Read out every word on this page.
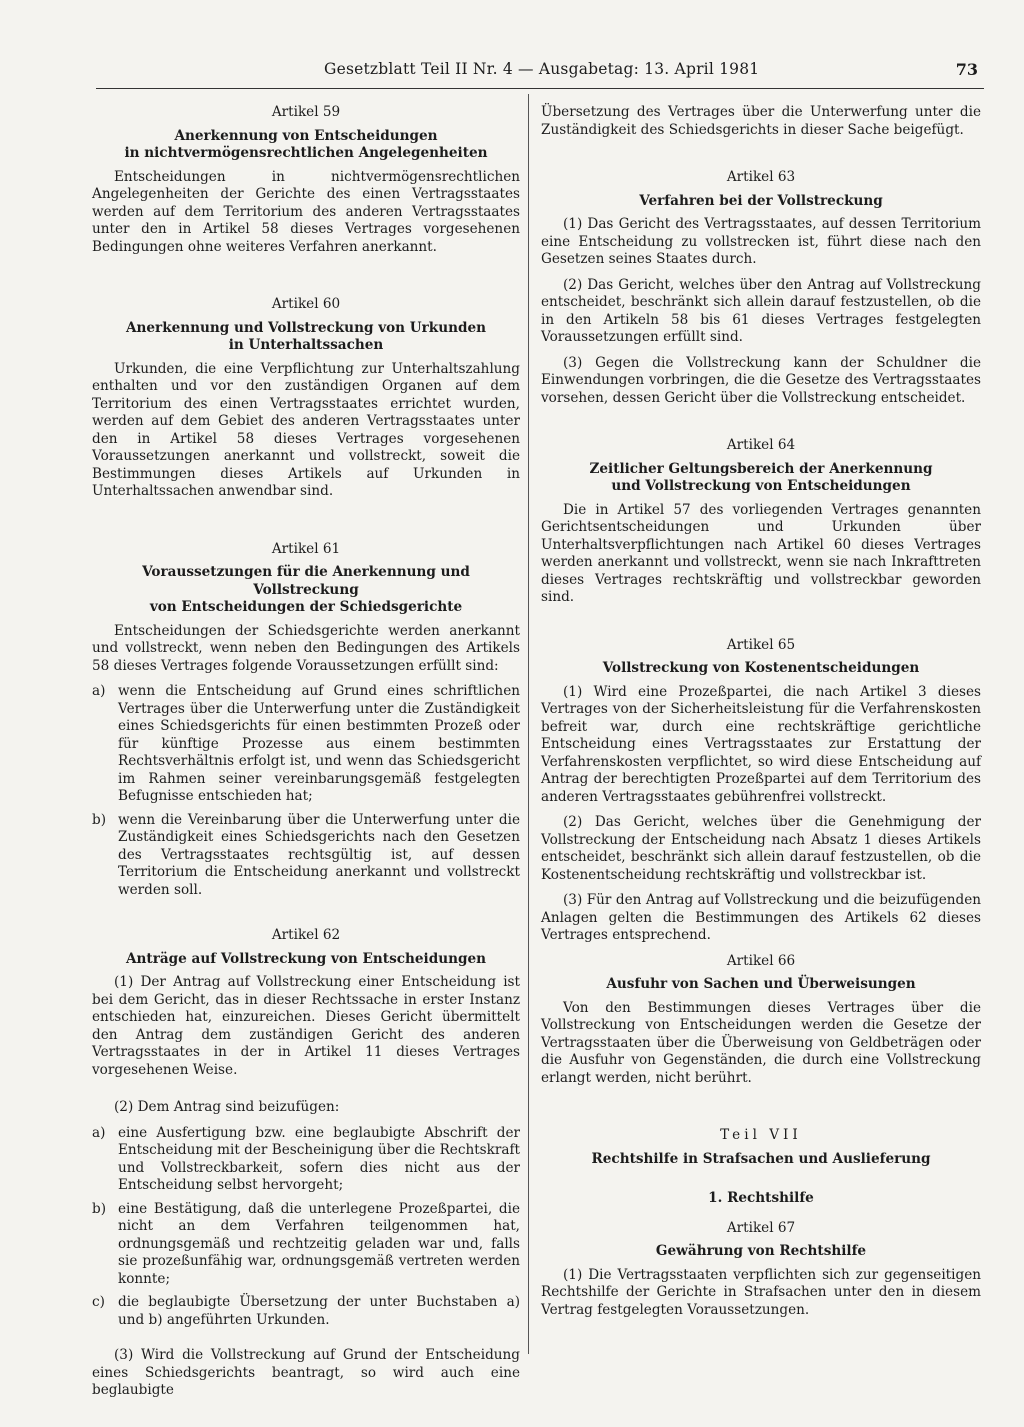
Gesetzblatt Teil II Nr. 4 — Ausgabetag: 13. April 1981	73
Artikel 59
Anerkennung von Entscheidungen
in nichtvermögensrechtlichen Angelegenheiten

Entscheidungen in nichtvermögensrechtlichen Angelegenheiten der Gerichte des einen Vertragsstaates werden auf dem Territorium des anderen Vertragsstaates unter den in Artikel 58 dieses Vertrages vorgesehenen Bedingungen ohne weiteres Verfahren anerkannt.

Artikel 60
Anerkennung und Vollstreckung von Urkunden
in Unterhaltssachen

Urkunden, die eine Verpflichtung zur Unterhaltszahlung enthalten und vor den zuständigen Organen auf dem Territorium des einen Vertragsstaates errichtet wurden, werden auf dem Gebiet des anderen Vertragsstaates unter den in Artikel 58 dieses Vertrages vorgesehenen Voraussetzungen anerkannt und vollstreckt, soweit die Bestimmungen dieses Artikels auf Urkunden in Unterhaltssachen anwendbar sind.

Artikel 61
Voraussetzungen für die Anerkennung und Vollstreckung
von Entscheidungen der Schiedsgerichte

Entscheidungen der Schiedsgerichte werden anerkannt und vollstreckt, wenn neben den Bedingungen des Artikels 58 dieses Vertrages folgende Voraussetzungen erfüllt sind:

a) wenn die Entscheidung auf Grund eines schriftlichen Vertrages über die Unterwerfung unter die Zuständigkeit eines Schiedsgerichts für einen bestimmten Prozeß oder für künftige Prozesse aus einem bestimmten Rechtsverhältnis erfolgt ist, und wenn das Schiedsgericht im Rahmen seiner vereinbarungsgemäß festgelegten Befugnisse entschieden hat;
b) wenn die Vereinbarung über die Unterwerfung unter die Zuständigkeit eines Schiedsgerichts nach den Gesetzen des Vertragsstaates rechtsgültig ist, auf dessen Territorium die Entscheidung anerkannt und vollstreckt werden soll.
Artikel 62
Anträge auf Vollstreckung von Entscheidungen

(1) Der Antrag auf Vollstreckung einer Entscheidung ist bei dem Gericht, das in dieser Rechtssache in erster Instanz entschieden hat, einzureichen. Dieses Gericht übermittelt den Antrag dem zuständigen Gericht des anderen Vertragsstaates in der in Artikel 11 dieses Vertrages vorgesehenen Weise.

(2) Dem Antrag sind beizufügen:

a) eine Ausfertigung bzw. eine beglaubigte Abschrift der Entscheidung mit der Bescheinigung über die Rechtskraft und Vollstreckbarkeit, sofern dies nicht aus der Entscheidung selbst hervorgeht;
b) eine Bestätigung, daß die unterlegene Prozeßpartei, die nicht an dem Verfahren teilgenommen hat, ordnungsgemäß und rechtzeitig geladen war und, falls sie prozeßunfähig war, ordnungsgemäß vertreten werden konnte;
c) die beglaubigte Übersetzung der unter Buchstaben a) und b) angeführten Urkunden.

(3) Wird die Vollstreckung auf Grund der Entscheidung eines Schiedsgerichts beantragt, so wird auch eine beglaubigte

Übersetzung des Vertrages über die Unterwerfung unter die Zuständigkeit des Schiedsgerichts in dieser Sache beigefügt.

Artikel 63
Verfahren bei der Vollstreckung

(1) Das Gericht des Vertragsstaates, auf dessen Territorium eine Entscheidung zu vollstrecken ist, führt diese nach den Gesetzen seines Staates durch.

(2) Das Gericht, welches über den Antrag auf Vollstreckung entscheidet, beschränkt sich allein darauf festzustellen, ob die in den Artikeln 58 bis 61 dieses Vertrages festgelegten Voraussetzungen erfüllt sind.

(3) Gegen die Vollstreckung kann der Schuldner die Einwendungen vorbringen, die die Gesetze des Vertragsstaates vorsehen, dessen Gericht über die Vollstreckung entscheidet.

Artikel 64
Zeitlicher Geltungsbereich der Anerkennung
und Vollstreckung von Entscheidungen

Die in Artikel 57 des vorliegenden Vertrages genannten Gerichtsentscheidungen und Urkunden über Unterhaltsverpflichtungen nach Artikel 60 dieses Vertrages werden anerkannt und vollstreckt, wenn sie nach Inkrafttreten dieses Vertrages rechtskräftig und vollstreckbar geworden sind.

Artikel 65
Vollstreckung von Kostenentscheidungen

(1) Wird eine Prozeßpartei, die nach Artikel 3 dieses Vertrages von der Sicherheitsleistung für die Verfahrenskosten befreit war, durch eine rechtskräftige gerichtliche Entscheidung eines Vertragsstaates zur Erstattung der Verfahrenskosten verpflichtet, so wird diese Entscheidung auf Antrag der berechtigten Prozeßpartei auf dem Territorium des anderen Vertragsstaates gebührenfrei vollstreckt.

(2) Das Gericht, welches über die Genehmigung der Vollstreckung der Entscheidung nach Absatz 1 dieses Artikels entscheidet, beschränkt sich allein darauf festzustellen, ob die Kostenentscheidung rechtskräftig und vollstreckbar ist.

(3) Für den Antrag auf Vollstreckung und die beizufügenden Anlagen gelten die Bestimmungen des Artikels 62 dieses Vertrages entsprechend.

Artikel 66
Ausfuhr von Sachen und Überweisungen

Von den Bestimmungen dieses Vertrages über die Vollstreckung von Entscheidungen werden die Gesetze der Vertragsstaaten über die Überweisung von Geldbeträgen oder die Ausfuhr von Gegenständen, die durch eine Vollstreckung erlangt werden, nicht berührt.

Teil VII
Rechtshilfe in Strafsachen und Auslieferung
1. Rechtshilfe
Artikel 67
Gewährung von Rechtshilfe

(1) Die Vertragsstaaten verpflichten sich zur gegenseitigen Rechtshilfe der Gerichte in Strafsachen unter den in diesem Vertrag festgelegten Voraussetzungen.
